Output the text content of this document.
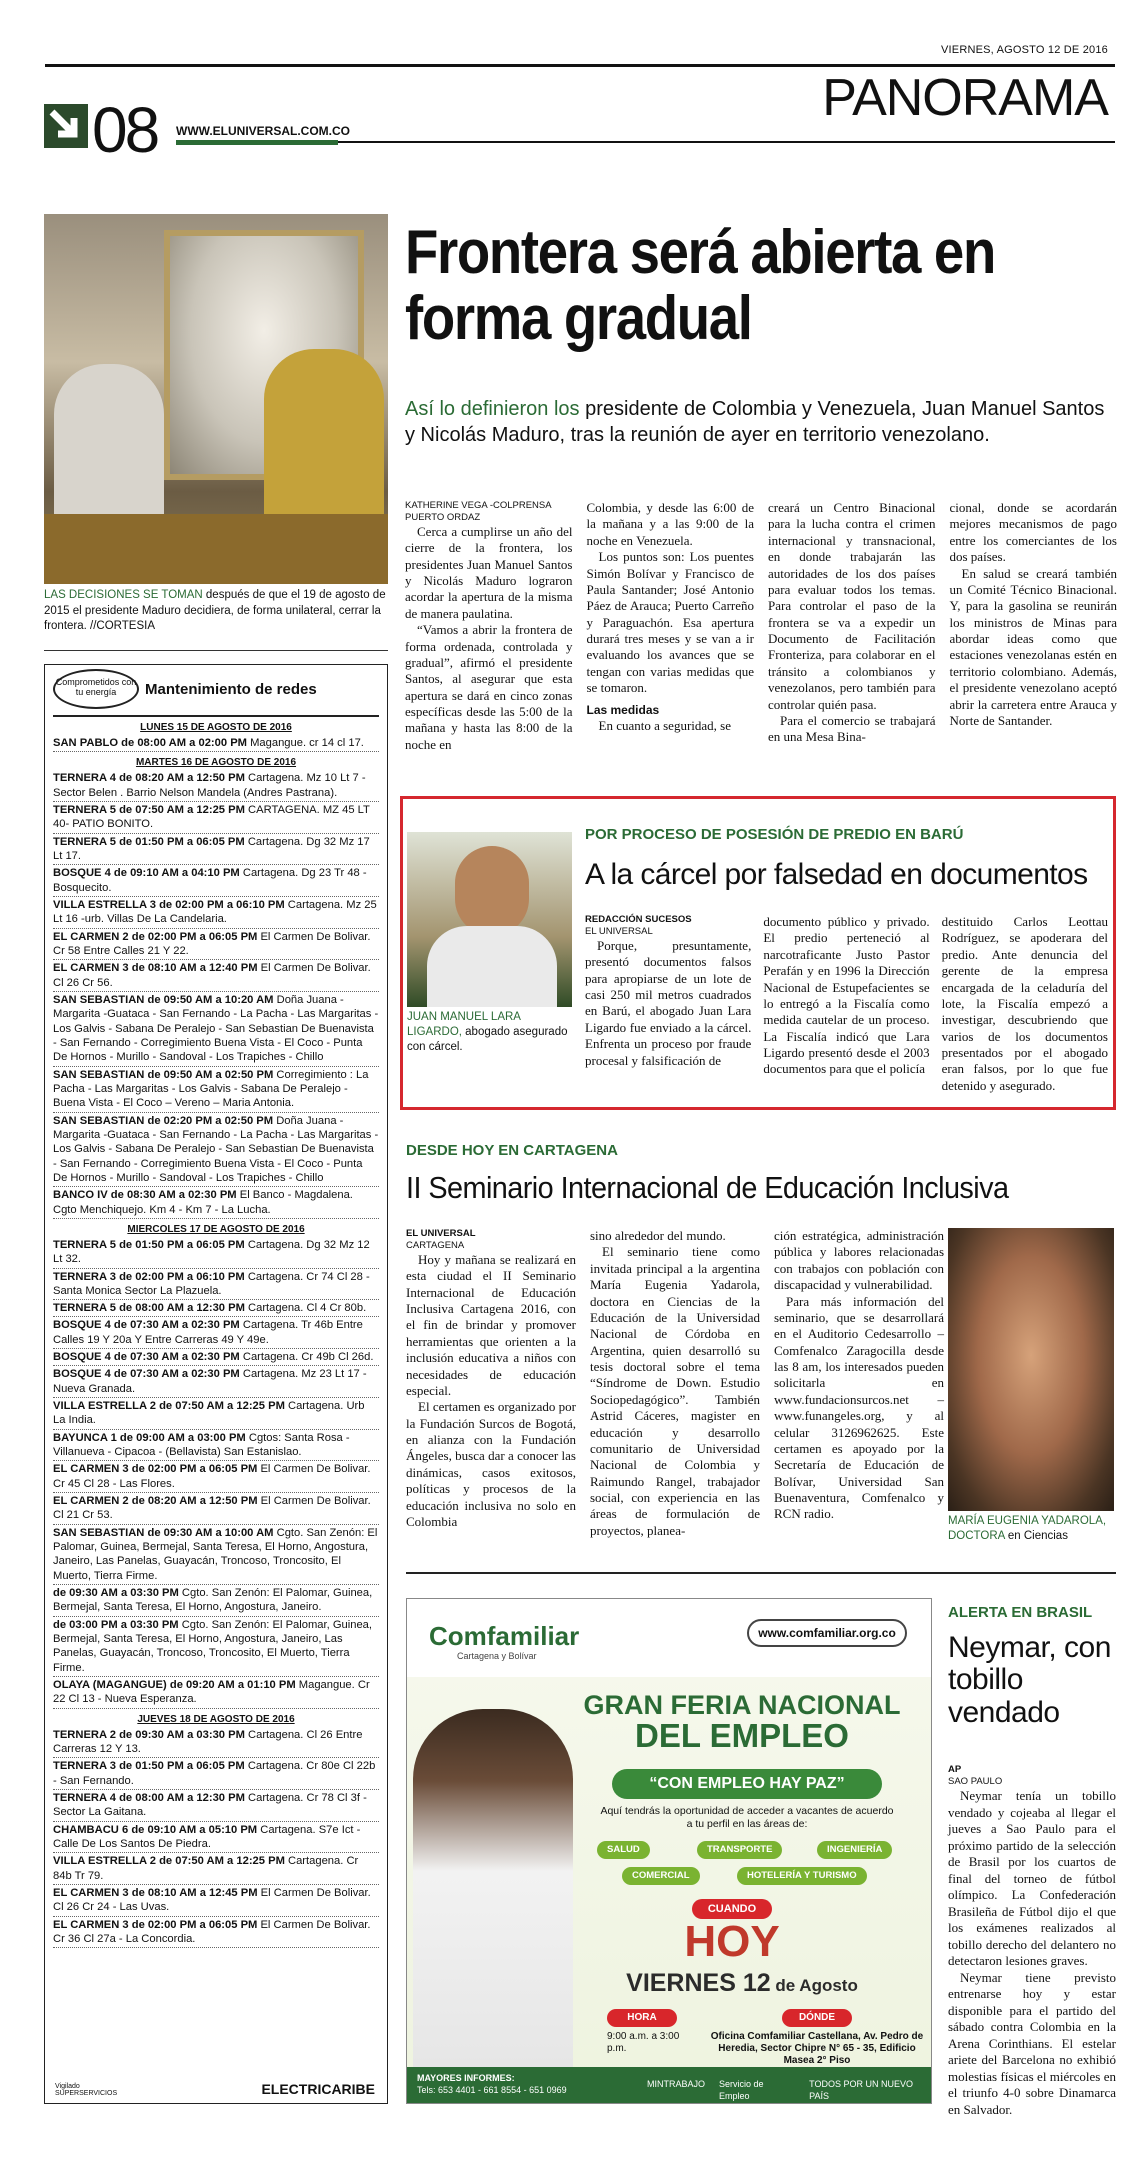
VIERNES, AGOSTO 12 DE 2016
PANORAMA
08 WWW.ELUNIVERSAL.COM.CO
LAS DECISIONES SE TOMAN después de que el 19 de agosto de 2015 el presidente Maduro decidiera, de forma unilateral, cerrar la frontera. //CORTESIA
Frontera será abierta en forma gradual
Así lo definieron los presidente de Colombia y Venezuela, Juan Manuel Santos y Nicolás Maduro, tras la reunión de ayer en territorio venezolano.
KATHERINE VEGA -COLPRENSA
PUERTO ORDAZ

Cerca a cumplirse un año del cierre de la frontera, los presidentes Juan Manuel Santos y Nicolás Maduro lograron acordar la apertura de la misma de manera paulatina.

“Vamos a abrir la frontera de forma ordenada, controlada y gradual”, afirmó el presidente Santos, al asegurar que esta apertura se dará en cinco zonas específicas desde las 5:00 de la mañana y hasta las 8:00 de la noche en

Colombia, y desde las 6:00 de la mañana y a las 9:00 de la noche en Venezuela.

Los puntos son: Los puentes Simón Bolívar y Francisco de Paula Santander; José Antonio Páez de Arauca; Puerto Carreño y Paraguachón. Esa apertura durará tres meses y se van a ir evaluando los avances que se tengan con varias medidas que se tomaron.

Las medidas

En cuanto a seguridad, se

creará un Centro Binacional para la lucha contra el crimen internacional y transnacional, en donde trabajarán las autoridades de los dos países para evaluar todos los temas. Para controlar el paso de la frontera se va a expedir un Documento de Facilitación Fronteriza, para colaborar en el tránsito a colombianos y venezolanos, pero también para controlar quién pasa.

Para el comercio se trabajará en una Mesa Bina-

cional, donde se acordarán mejores mecanismos de pago entre los comerciantes de los dos países.

En salud se creará también un Comité Técnico Binacional. Y, para la gasolina se reunirán los ministros de Minas para abordar ideas como que estaciones venezolanas estén en territorio colombiano. Además, el presidente venezolano aceptó abrir la carretera entre Arauca y Norte de Santander.

Comprometidos con tu energía	Mantenimiento de redes
LUNES 15 DE AGOSTO DE 2016
SAN PABLO de 08:00 AM a 02:00 PM Magangue. cr 14 cl 17.
MARTES 16 DE AGOSTO DE 2016
TERNERA 4 de 08:20 AM a 12:50 PM Cartagena. Mz 10 Lt 7 - Sector Belen . Barrio Nelson Mandela (Andres Pastrana).
TERNERA 5 de 07:50 AM a 12:25 PM CARTAGENA. MZ 45 LT 40- PATIO BONITO.
TERNERA 5 de 01:50 PM a 06:05 PM Cartagena. Dg 32 Mz 17 Lt 17.
BOSQUE 4 de 09:10 AM a 04:10 PM Cartagena. Dg 23 Tr 48 - Bosquecito.
VILLA ESTRELLA 3 de 02:00 PM a 06:10 PM Cartagena. Mz 25 Lt 16 -urb. Villas De La Candelaria.
EL CARMEN 2 de 02:00 PM a 06:05 PM El Carmen De Bolivar. Cr 58 Entre Calles 21 Y 22.
EL CARMEN 3 de 08:10 AM a 12:40 PM El Carmen De Bolivar. Cl 26 Cr 56.
SAN SEBASTIAN de 09:50 AM a 10:20 AM Doña Juana - Margarita -Guataca - San Fernando - La Pacha - Las Margaritas - Los Galvis - Sabana De Peralejo - San Sebastian De Buenavista - San Fernando - Corregimiento Buena Vista - El Coco - Punta De Hornos - Murillo - Sandoval - Los Trapiches - Chillo
SAN SEBASTIAN de 09:50 AM a 02:50 PM Corregimiento : La Pacha - Las Margaritas - Los Galvis - Sabana De Peralejo - Buena Vista - El Coco – Vereno – Maria Antonia.
SAN SEBASTIAN de 02:20 PM a 02:50 PM Doña Juana - Margarita -Guataca - San Fernando - La Pacha - Las Margaritas - Los Galvis - Sabana De Peralejo - San Sebastian De Buenavista - San Fernando - Corregimiento Buena Vista - El Coco - Punta De Hornos - Murillo - Sandoval - Los Trapiches - Chillo
BANCO IV de 08:30 AM a 02:30 PM El Banco - Magdalena. Cgto Menchiquejo. Km 4 - Km 7 - La Lucha.
MIERCOLES 17 DE AGOSTO DE 2016
TERNERA 5 de 01:50 PM a 06:05 PM Cartagena. Dg 32 Mz 12 Lt 32.
TERNERA 3 de 02:00 PM a 06:10 PM Cartagena. Cr 74 Cl 28 - Santa Monica Sector La Plazuela.
TERNERA 5 de 08:00 AM a 12:30 PM Cartagena. Cl 4 Cr 80b.
BOSQUE 4 de 07:30 AM a 02:30 PM Cartagena. Tr 46b Entre Calles 19 Y 20a Y Entre Carreras 49 Y 49e.
BOSQUE 4 de 07:30 AM a 02:30 PM Cartagena. Cr 49b Cl 26d.
BOSQUE 4 de 07:30 AM a 02:30 PM Cartagena. Mz 23 Lt 17 - Nueva Granada.
VILLA ESTRELLA 2 de 07:50 AM a 12:25 PM Cartagena. Urb La India.
BAYUNCA 1 de 09:00 AM a 03:00 PM Cgtos: Santa Rosa - Villanueva - Cipacoa - (Bellavista) San Estanislao.
EL CARMEN 3 de 02:00 PM a 06:05 PM El Carmen De Bolivar. Cr 45 Cl 28 - Las Flores.
EL CARMEN 2 de 08:20 AM a 12:50 PM El Carmen De Bolivar. Cl 21 Cr 53.
SAN SEBASTIAN de 09:30 AM a 10:00 AM Cgto. San Zenón: El Palomar, Guinea, Bermejal, Santa Teresa, El Horno, Angostura, Janeiro, Las Panelas, Guayacán, Troncoso, Troncosito, El Muerto, Tierra Firme.
de 09:30 AM a 03:30 PM Cgto. San Zenón: El Palomar, Guinea, Bermejal, Santa Teresa, El Horno, Angostura, Janeiro.
de 03:00 PM a 03:30 PM Cgto. San Zenón: El Palomar, Guinea, Bermejal, Santa Teresa, El Horno, Angostura, Janeiro, Las Panelas, Guayacán, Troncoso, Troncosito, El Muerto, Tierra Firme.
OLAYA (MAGANGUE) de 09:20 AM a 01:10 PM Magangue. Cr 22 Cl 13 - Nueva Esperanza.
JUEVES 18 DE AGOSTO DE 2016
TERNERA 2 de 09:30 AM a 03:30 PM Cartagena. Cl 26 Entre Carreras 12 Y 13.
TERNERA 3 de 01:50 PM a 06:05 PM Cartagena. Cr 80e Cl 22b - San Fernando.
TERNERA 4 de 08:00 AM a 12:30 PM Cartagena. Cr 78 Cl 3f - Sector La Gaitana.
CHAMBACU 6 de 09:10 AM a 05:10 PM Cartagena. S7e Ict - Calle De Los Santos De Piedra.
VILLA ESTRELLA 2 de 07:50 AM a 12:25 PM Cartagena. Cr 84b Tr 79.
EL CARMEN 3 de 08:10 AM a 12:45 PM El Carmen De Bolivar. Cl 26 Cr 24 - Las Uvas.
EL CARMEN 3 de 02:00 PM a 06:05 PM El Carmen De Bolivar. Cr 36 Cl 27a - La Concordia.
Vigilado SUPERSERVICIOS	ELECTRICARIBE
JUAN MANUEL LARA LIGARDO, abogado asegurado con cárcel.
POR PROCESO DE POSESIÓN DE PREDIO EN BARÚ
A la cárcel por falsedad en documentos
REDACCIÓN SUCESOS
EL UNIVERSAL

Porque, presuntamente, presentó documentos falsos para apropiarse de un lote de casi 250 mil metros cuadrados en Barú, el abogado Juan Lara Ligardo fue enviado a la cárcel. Enfrenta un proceso por fraude procesal y falsificación de

documento público y privado. El predio perteneció al narcotraficante Justo Pastor Perafán y en 1996 la Dirección Nacional de Estupefacientes se lo entregó a la Fiscalía como medida cautelar de un proceso. La Fiscalía indicó que Lara Ligardo presentó desde el 2003 documentos para que el policía

destituido Carlos Leottau Rodríguez, se apoderara del predio. Ante denuncia del gerente de la empresa encargada de la celaduría del lote, la Fiscalía empezó a investigar, descubriendo que varios de los documentos presentados por el abogado eran falsos, por lo que fue detenido y asegurado.

DESDE HOY EN CARTAGENA
II Seminario Internacional de Educación Inclusiva
EL UNIVERSAL
CARTAGENA

Hoy y mañana se realizará en esta ciudad el II Seminario Internacional de Educación Inclusiva Cartagena 2016, con el fin de brindar y promover herramientas que orienten a la inclusión educativa a niños con necesidades de educación especial.

El certamen es organizado por la Fundación Surcos de Bogotá, en alianza con la Fundación Ángeles, busca dar a conocer las dinámicas, casos exitosos, políticas y procesos de la educación inclusiva no solo en Colombia

sino alrededor del mundo.

El seminario tiene como invitada principal a la argentina María Eugenia Yadarola, doctora en Ciencias de la Educación de la Universidad Nacional de Córdoba en Argentina, quien desarrolló su tesis doctoral sobre el tema “Síndrome de Down. Estudio Sociopedagógico”. También Astrid Cáceres, magister en educación y desarrollo comunitario de Universidad Nacional de Colombia y Raimundo Rangel, trabajador social, con experiencia en las áreas de formulación de proyectos, planea-

ción estratégica, administración pública y labores relacionadas con trabajos con población con discapacidad y vulnerabilidad.

Para más información del seminario, que se desarrollará en el Auditorio Cedesarrollo – Comfenalco Zaragocilla desde las 8 am, los interesados pueden solicitarla en www.fundacionsurcos.net – www.funangeles.org, y al celular 3126962625. Este certamen es apoyado por la Secretaría de Educación de Bolívar, Universidad San Buenaventura, Comfenalco y RCN radio.	MARÍA EUGENIA YADAROLA, DOCTORA en Ciencias
Comfamiliar
Cartagena y Bolívar
www.comfamiliar.org.co
GRAN FERIA NACIONAL
DEL EMPLEO
“CON EMPLEO HAY PAZ”
Aquí tendrás la oportunidad de acceder a vacantes de acuerdo a tu perfil en las áreas de:
SALUD	TRANSPORTE	INGENIERÍA
COMERCIAL	HOTELERÍA Y TURISMO
CUANDO
HOY
VIERNES 12 de Agosto
HORA
9:00 a.m. a 3:00 p.m.
DÓNDE
Oficina Comfamiliar Castellana, Av. Pedro de Heredia, Sector Chipre N° 65 - 35, Edificio Masea 2° Piso
MAYORES INFORMES:
Tels: 653 4401 - 661 8554 - 651 0969
MINTRABAJO Servicio de Empleo
TODOS POR UN NUEVO PAÍS
ALERTA EN BRASIL
Neymar, con tobillo vendado
AP
SAO PAULO

Neymar tenía un tobillo vendado y cojeaba al llegar el jueves a Sao Paulo para el próximo partido de la selección de Brasil por los cuartos de final del torneo de fútbol olímpico. La Confederación Brasileña de Fútbol dijo el que los exámenes realizados al tobillo derecho del delantero no detectaron lesiones graves.

Neymar tiene previsto entrenarse hoy y estar disponible para el partido del sábado contra Colombia en la Arena Corinthians. El estelar ariete del Barcelona no exhibió molestias físicas el miércoles en el triunfo 4-0 sobre Dinamarca en Salvador.
